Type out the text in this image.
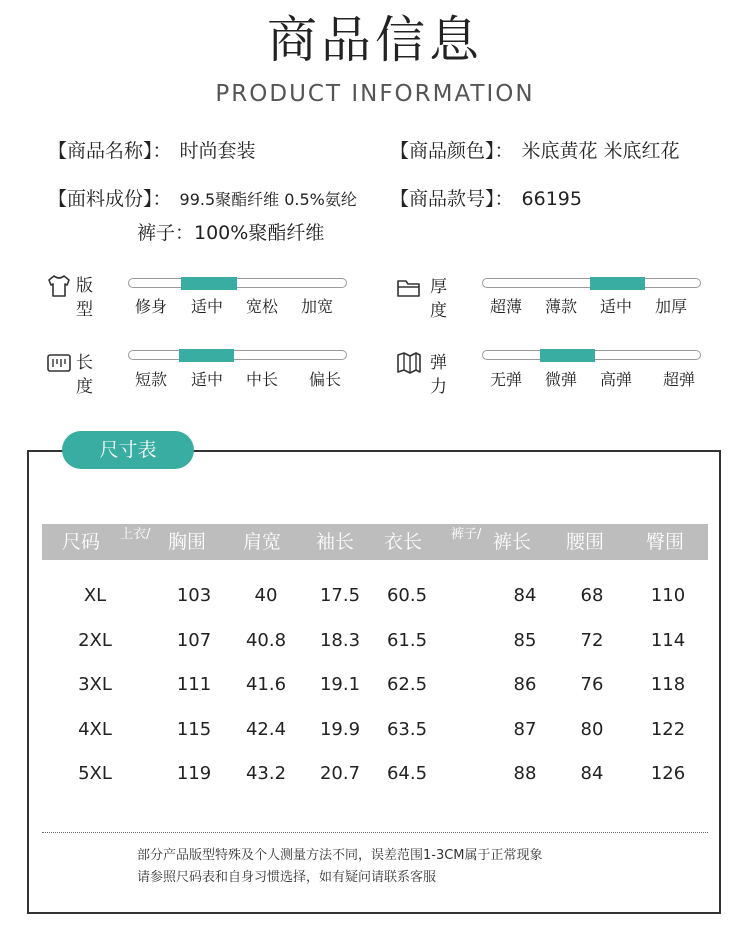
商品信息
PRODUCT INFORMATION
【商品名称】： 时尚套装	【商品颜色】： 米底黄花 米底红花
【面料成份】： 99.5聚酯纤维 0.5%氨纶 【商品款号】： 66195
裤子：100%聚酯纤维
版型	修身 适中 宽松 加宽
厚度	超薄 薄款 适中 加厚
长度	短款 适中 中长 偏长
弹力	无弹 微弹 高弹 超弹
尺寸表
尺码 上衣/ 胸围 肩宽 袖长 衣长 裤子/ 裤长 腰围 臀围
XL	103	40	17.5	60.5	84	68	110
2XL	107	40.8	18.3	61.5	85	72	114
3XL	111	41.6	19.1	62.5	86	76	118
4XL	115	42.4	19.9	63.5	87	80	122
5XL	119	43.2	20.7	64.5	88	84	126
部分产品版型特殊及个人测量方法不同，误差范围1-3CM属于正常现象
请参照尺码表和自身习惯选择，如有疑问请联系客服
